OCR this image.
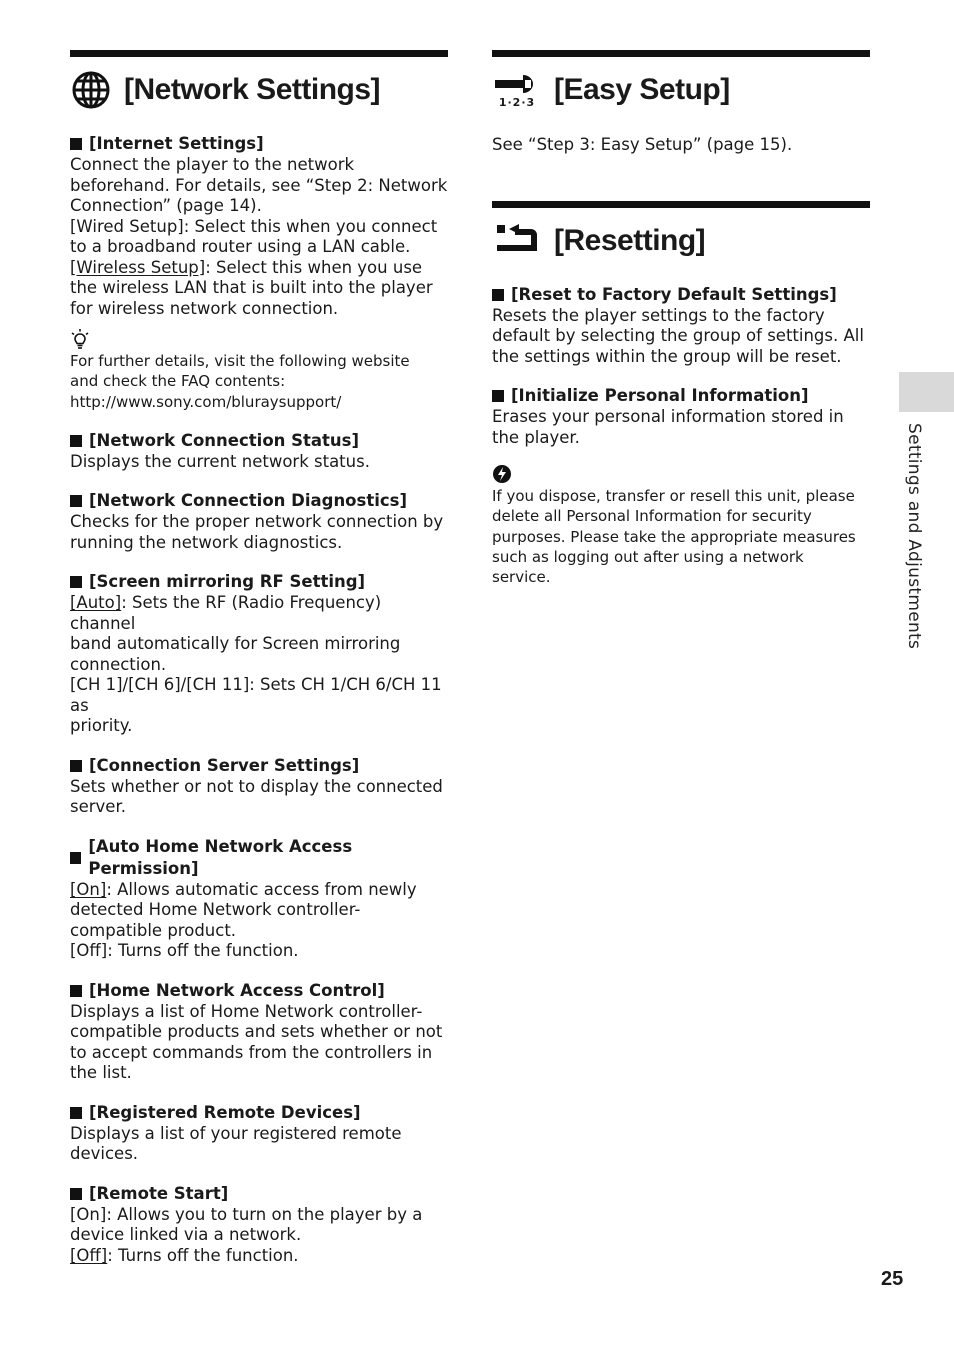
[Network Settings]
[Internet Settings]

Connect the player to the network

beforehand. For details, see “Step 2: Network

Connection” (page 14).

[Wired Setup]: Select this when you connect

to a broadband router using a LAN cable.

[Wireless Setup]: Select this when you use

the wireless LAN that is built into the player

for wireless network connection.

For further details, visit the following website

and check the FAQ contents:

http://www.sony.com/bluraysupport/

[Network Connection Status]

Displays the current network status.

[Network Connection Diagnostics]

Checks for the proper network connection by

running the network diagnostics.

[Screen mirroring RF Setting]

[Auto]: Sets the RF (Radio Frequency) channel

band automatically for Screen mirroring

connection.

[CH 1]/[CH 6]/[CH 11]: Sets CH 1/CH 6/CH 11 as

priority.

[Connection Server Settings]

Sets whether or not to display the connected

server.

[Auto Home Network Access Permission]

[On]: Allows automatic access from newly

detected Home Network controller-

compatible product.

[Off]: Turns off the function.

[Home Network Access Control]

Displays a list of Home Network controller-

compatible products and sets whether or not

to accept commands from the controllers in

the list.

[Registered Remote Devices]

Displays a list of your registered remote

devices.

[Remote Start]

[On]: Allows you to turn on the player by a

device linked via a network.

[Off]: Turns off the function.

1·2·3 [Easy Setup]

See “Step 3: Easy Setup” (page 15).

[Resetting]
[Reset to Factory Default Settings]

Resets the player settings to the factory

default by selecting the group of settings. All

the settings within the group will be reset.

[Initialize Personal Information]

Erases your personal information stored in

the player.

If you dispose, transfer or resell this unit, please

delete all Personal Information for security

purposes. Please take the appropriate measures

such as logging out after using a network

service.	Settings and Adjustments
25
